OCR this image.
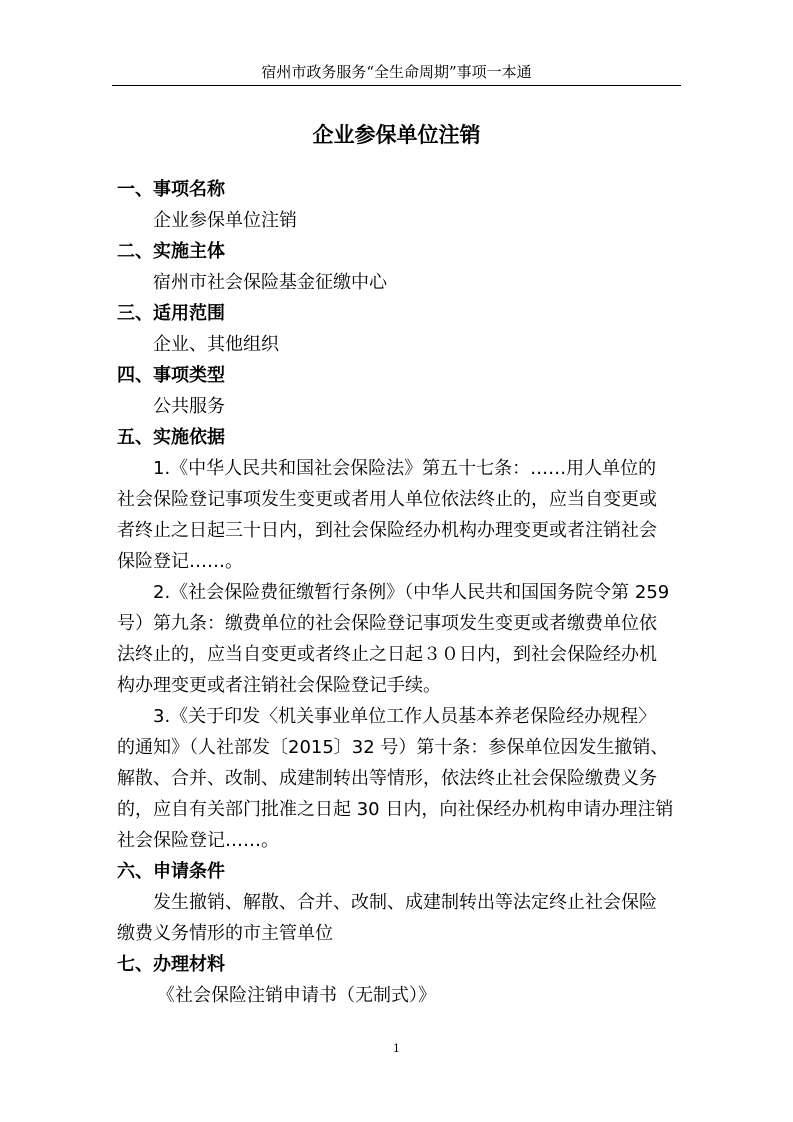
宿州市政务服务“全生命周期”事项一本通
企业参保单位注销
一、事项名称
企业参保单位注销
二、实施主体
宿州市社会保险基金征缴中心
三、适用范围
企业、其他组织
四、事项类型
公共服务
五、实施依据
1.《中华人民共和国社会保险法》第五十七条：……用人单位的
社会保险登记事项发生变更或者用人单位依法终止的，应当自变更或
者终止之日起三十日内，到社会保险经办机构办理变更或者注销社会
保险登记……。
2.《社会保险费征缴暂行条例》（中华人民共和国国务院令第 259
号）第九条：缴费单位的社会保险登记事项发生变更或者缴费单位依
法终止的，应当自变更或者终止之日起３０日内，到社会保险经办机
构办理变更或者注销社会保险登记手续。
3.《关于印发〈机关事业单位工作人员基本养老保险经办规程〉
的通知》（人社部发〔2015〕32 号）第十条：参保单位因发生撤销、
解散、合并、改制、成建制转出等情形，依法终止社会保险缴费义务
的，应自有关部门批准之日起 30 日内，向社保经办机构申请办理注销
社会保险登记……。
六、申请条件
发生撤销、解散、合并、改制、成建制转出等法定终止社会保险
缴费义务情形的市主管单位
七、办理材料
《社会保险注销申请书（无制式）》
1
